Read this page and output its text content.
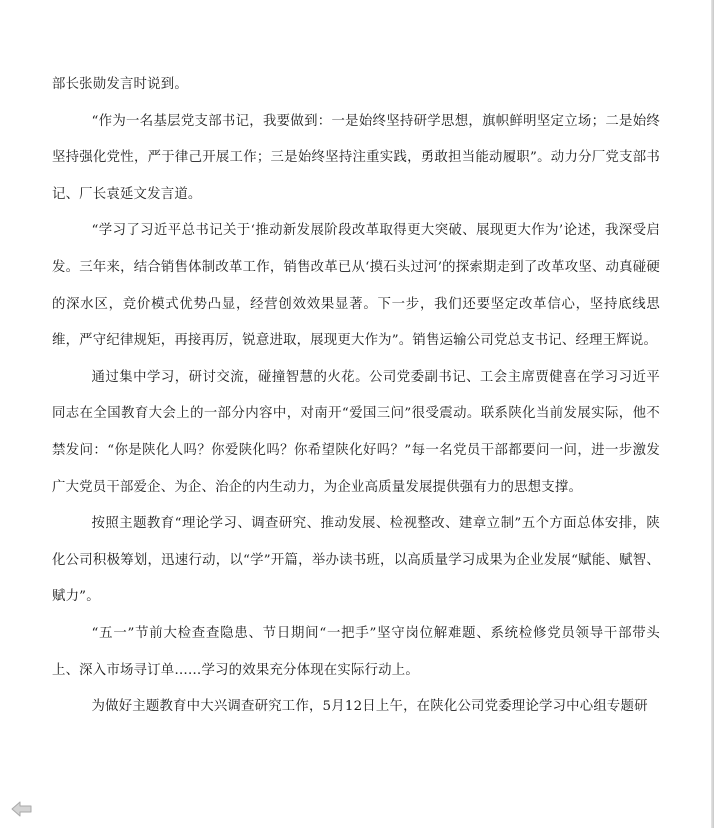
部长张勋发言时说到。

“作为一名基层党支部书记，我要做到：一是始终坚持研学思想，旗帜鲜明坚定立场；二是始终坚持强化党性，严于律己开展工作；三是始终坚持注重实践，勇敢担当能动履职”。动力分厂党支部书记、厂长袁延文发言道。

“学习了习近平总书记关于‘推动新发展阶段改革取得更大突破、展现更大作为’论述，我深受启发。三年来，结合销售体制改革工作，销售改革已从‘摸石头过河’的探索期走到了改革攻坚、动真碰硬的深水区，竞价模式优势凸显，经营创效效果显著。下一步，我们还要坚定改革信心，坚持底线思维，严守纪律规矩，再接再厉，锐意进取，展现更大作为”。销售运输公司党总支书记、经理王辉说。

通过集中学习，研讨交流，碰撞智慧的火花。公司党委副书记、工会主席贾健喜在学习习近平同志在全国教育大会上的一部分内容中，对南开“爱国三问”很受震动。联系陕化当前发展实际，他不禁发问：“你是陕化人吗？你爱陕化吗？你希望陕化好吗？”每一名党员干部都要问一问，进一步激发广大党员干部爱企、为企、治企的内生动力，为企业高质量发展提供强有力的思想支撑。

按照主题教育“理论学习、调查研究、推动发展、检视整改、建章立制”五个方面总体安排，陕化公司积极筹划，迅速行动，以“学”开篇，举办读书班，以高质量学习成果为企业发展“赋能、赋智、赋力”。

“五一”节前大检查查隐患、节日期间“一把手”坚守岗位解难题、系统检修党员领导干部带头上、深入市场寻订单……学习的效果充分体现在实际行动上。

为做好主题教育中大兴调查研究工作，5月12日上午，在陕化公司党委理论学习中心组专题研
